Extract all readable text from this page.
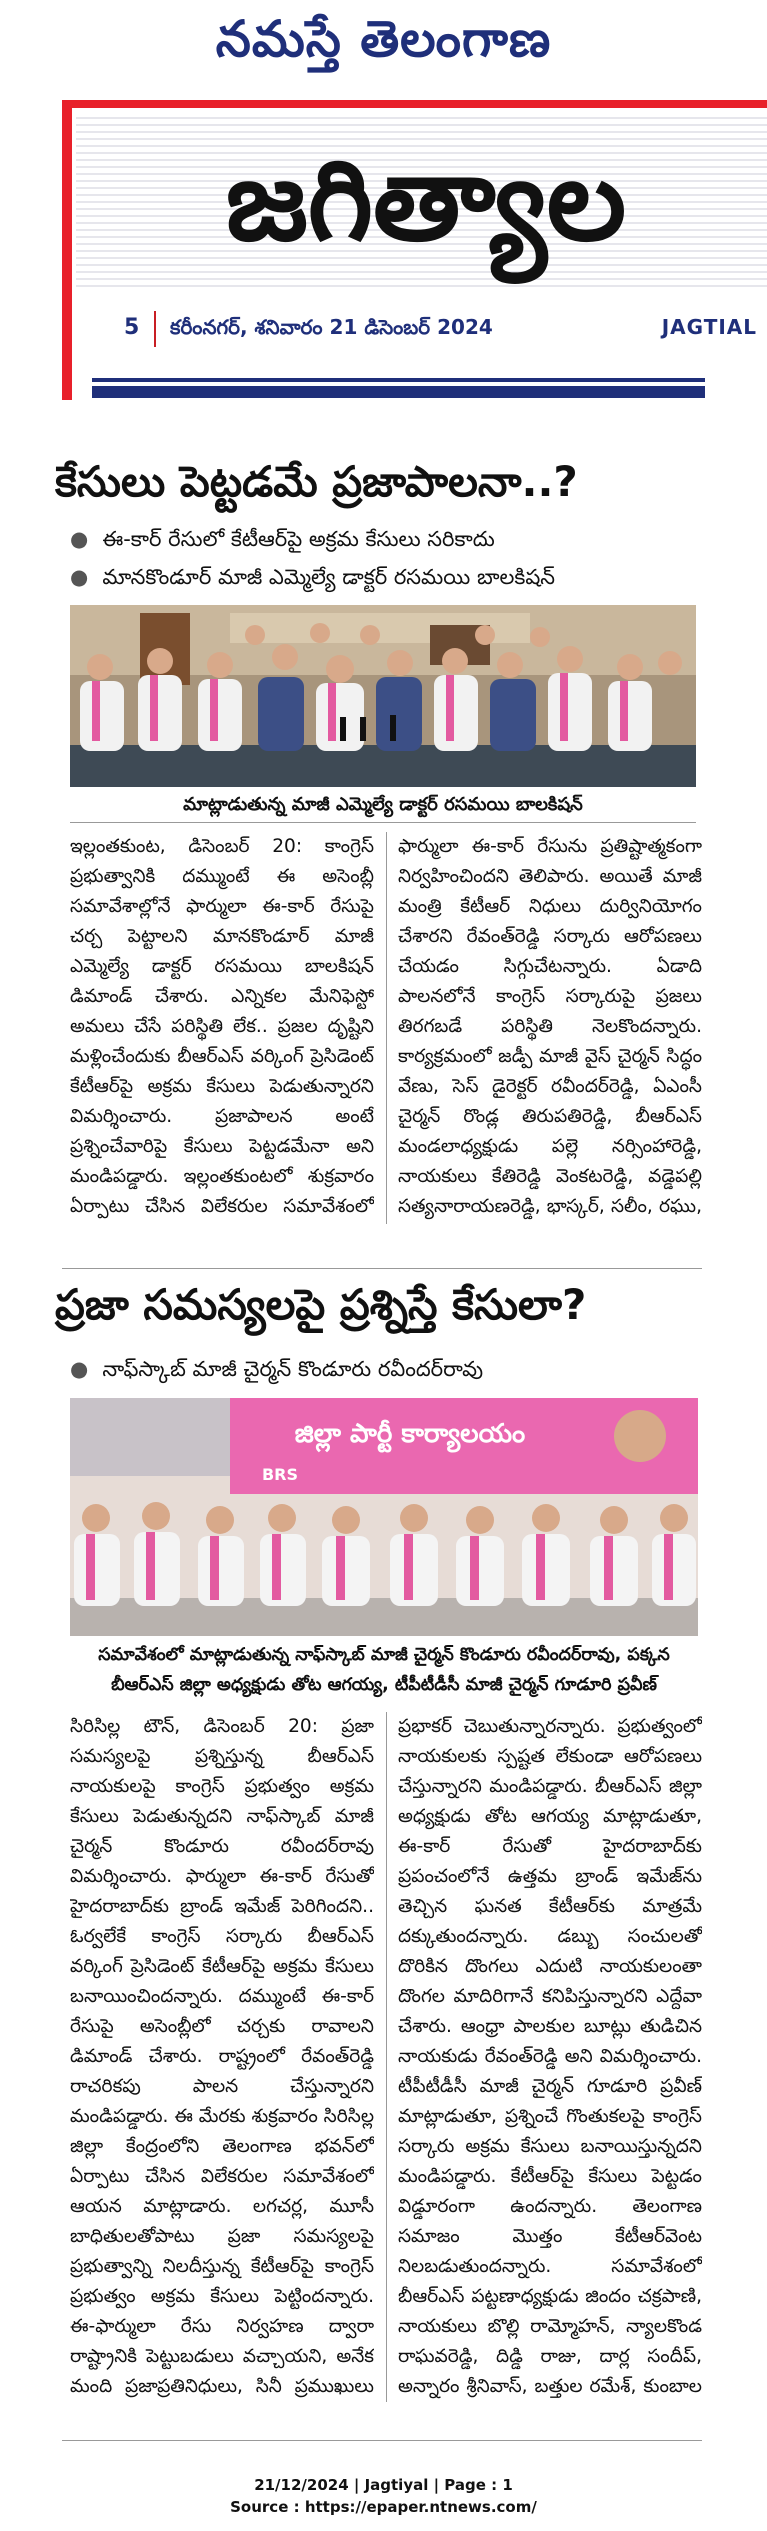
నమస్తే తెలంగాణ
జగిత్యాల
5 కరీంనగర్, శనివారం 21 డిసెంబర్ 2024	JAGTIAL
కేసులు పెట్టడమే ప్రజాపాలనా..?
● ఈ-కార్ రేసులో కేటీఆర్‌పై అక్రమ కేసులు సరికాదు
● మానకొండూర్ మాజీ ఎమ్మెల్యే డాక్టర్ రసమయి బాలకిషన్
మాట్లాడుతున్న మాజీ ఎమ్మెల్యే డాక్టర్ రసమయి బాలకిషన్
ఇల్లంతకుంట, డిసెంబర్ 20: కాంగ్రెస్ ప్రభుత్వానికి దమ్ముంటే ఈ అసెంబ్లీ సమావేశాల్లోనే ఫార్ములా ఈ-కార్ రేసుపై చర్చ పెట్టాలని మానకొండూర్ మాజీ ఎమ్మెల్యే డాక్టర్ రసమయి బాలకిషన్ డిమాండ్ చేశారు. ఎన్నికల మేనిఫెస్టో అమలు చేసే పరిస్థితి లేక.. ప్రజల దృష్టిని మళ్లించేందుకు బీఆర్‌ఎస్ వర్కింగ్ ప్రెసిడెంట్ కేటీఆర్‌పై అక్రమ కేసులు పెడుతున్నారని విమర్శించారు. ప్రజాపాలన అంటే ప్రశ్నించేవారిపై కేసులు పెట్టడమేనా అని మండిపడ్డారు. ఇల్లంతకుంటలో శుక్రవారం ఏర్పాటు చేసిన విలేకరుల సమావేశంలో
ఫార్ములా ఈ-కార్ రేసును ప్రతిష్టాత్మకంగా నిర్వహించిందని తెలిపారు. అయితే మాజీ మంత్రి కేటీఆర్ నిధులు దుర్వినియోగం చేశారని రేవంత్‌రెడ్డి సర్కారు ఆరోపణలు చేయడం సిగ్గుచేటన్నారు. ఏడాది పాలనలోనే కాంగ్రెస్ సర్కారుపై ప్రజలు తిరగబడే పరిస్థితి నెలకొందన్నారు. కార్యక్రమంలో జడ్పీ మాజీ వైస్ చైర్మన్ సిద్ధం వేణు, సెస్ డైరెక్టర్ రవీందర్‌రెడ్డి, ఏఎంసీ చైర్మన్ రొండ్ల తిరుపతిరెడ్డి, బీఆర్‌ఎస్ మండలాధ్యక్షుడు పల్లె నర్సింహారెడ్డి, నాయకులు కేతిరెడ్డి వెంకటరెడ్డి, వడ్డెపల్లి సత్యనారాయణరెడ్డి, భాస్కర్, సలీం, రఘు,
ప్రజా సమస్యలపై ప్రశ్నిస్తే కేసులా?
● నాఫ్‌స్కాబ్ మాజీ చైర్మన్ కొండూరు రవీందర్‌రావు
జిల్లా పార్టీ కార్యాలయం
BRS
సమావేశంలో మాట్లాడుతున్న నాఫ్‌స్కాబ్ మాజీ చైర్మన్ కొండూరు రవీందర్‌రావు, పక్కన బీఆర్‌ఎస్ జిల్లా అధ్యక్షుడు తోట ఆగయ్య, టీపీటీడీసీ మాజీ చైర్మన్ గూడూరి ప్రవీణ్
సిరిసిల్ల టౌన్, డిసెంబర్ 20: ప్రజా సమస్యలపై ప్రశ్నిస్తున్న బీఆర్‌ఎస్ నాయకులపై కాంగ్రెస్ ప్రభుత్వం అక్రమ కేసులు పెడుతున్నదని నాఫ్‌స్కాబ్ మాజీ చైర్మన్ కొండూరు రవీందర్‌రావు విమర్శించారు. ఫార్ములా ఈ-కార్ రేసుతో హైదరాబాద్‌కు బ్రాండ్ ఇమేజ్ పెరిగిందని.. ఓర్వలేకే కాంగ్రెస్ సర్కారు బీఆర్‌ఎస్ వర్కింగ్ ప్రెసిడెంట్ కేటీఆర్‌పై అక్రమ కేసులు బనాయించిందన్నారు. దమ్ముంటే ఈ-కార్ రేసుపై అసెంబ్లీలో చర్చకు రావాలని డిమాండ్ చేశారు. రాష్ట్రంలో రేవంత్‌రెడ్డి రాచరికపు పాలన చేస్తున్నారని మండిపడ్డారు. ఈ మేరకు శుక్రవారం సిరిసిల్ల జిల్లా కేంద్రంలోని తెలంగాణ భవన్‌లో ఏర్పాటు చేసిన విలేకరుల సమావేశంలో ఆయన మాట్లాడారు. లగచర్ల, మూసీ బాధితులతోపాటు ప్రజా సమస్యలపై ప్రభుత్వాన్ని నిలదీస్తున్న కేటీఆర్‌పై కాంగ్రెస్ ప్రభుత్వం అక్రమ కేసులు పెట్టిందన్నారు. ఈ-ఫార్ములా రేసు నిర్వహణ ద్వారా రాష్ట్రానికి పెట్టుబడులు వచ్చాయని, అనేక మంది ప్రజాప్రతినిధులు, సినీ ప్రముఖులు
ప్రభాకర్ చెబుతున్నారన్నారు. ప్రభుత్వంలో నాయకులకు స్పష్టత లేకుండా ఆరోపణలు చేస్తున్నారని మండిపడ్డారు. బీఆర్‌ఎస్ జిల్లా అధ్యక్షుడు తోట ఆగయ్య మాట్లాడుతూ, ఈ-కార్ రేసుతో హైదరాబాద్‌కు ప్రపంచంలోనే ఉత్తమ బ్రాండ్ ఇమేజ్‌ను తెచ్చిన ఘనత కేటీఆర్‌కు మాత్రమే దక్కుతుందన్నారు. డబ్బు సంచులతో దొరికిన దొంగలు ఎదుటి నాయకులంతా దొంగల మాదిరిగానే కనిపిస్తున్నారని ఎద్దేవా చేశారు. ఆంధ్రా పాలకుల బూట్లు తుడిచిన నాయకుడు రేవంత్‌రెడ్డి అని విమర్శించారు. టీపీటీడీసీ మాజీ చైర్మన్ గూడూరి ప్రవీణ్ మాట్లాడుతూ, ప్రశ్నించే గొంతుకలపై కాంగ్రెస్ సర్కారు అక్రమ కేసులు బనాయిస్తున్నదని మండిపడ్డారు. కేటీఆర్‌పై కేసులు పెట్టడం విడ్డూరంగా ఉందన్నారు. తెలంగాణ సమాజం మొత్తం కేటీఆర్‌వెంట నిలబడుతుందన్నారు. సమావేశంలో బీఆర్‌ఎస్ పట్టణాధ్యక్షుడు జిందం చక్రపాణి, నాయకులు బొల్లి రామ్మోహన్, న్యాలకొండ రాఘవరెడ్డి, దిడ్డి రాజు, దార్ల సందీప్, అన్నారం శ్రీనివాస్, బత్తుల రమేశ్, కుంబాల
21/12/2024 | Jagtiyal | Page : 1
Source : https://epaper.ntnews.com/
